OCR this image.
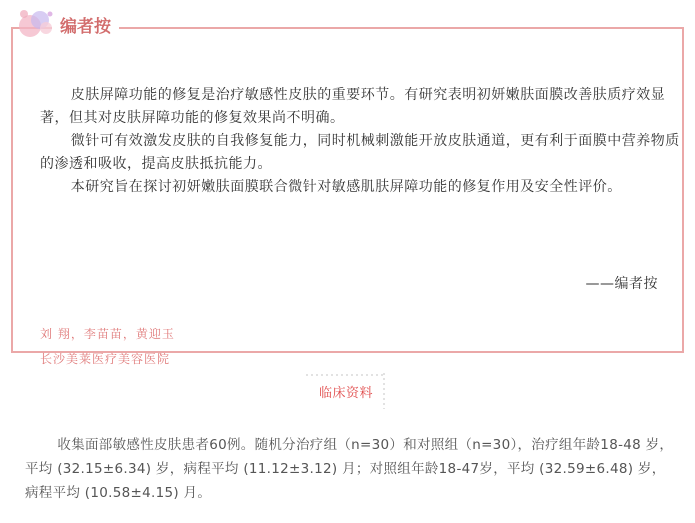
皮肤屏障功能的修复是治疗敏感性皮肤的重要环节。有研究表明初妍嫩肤面膜改善肤质疗效显著，但其对皮肤屏障功能的修复效果尚不明确。

微针可有效激发皮肤的自我修复能力，同时机械刺激能开放皮肤通道，更有利于面膜中营养物质的渗透和吸收，提高皮肤抵抗能力。

本研究旨在探讨初妍嫩肤面膜联合微针对敏感肌肤屏障功能的修复作用及安全性评价。

——编者按
刘 翔，李苗苗，黄迎玉
长沙美莱医疗美容医院
编者按
临床资料

收集面部敏感性皮肤患者60例。随机分治疗组（n=30）和对照组（n=30），治疗组年龄18-48 岁，平均 (32.15±6.34) 岁，病程平均 (11.12±3.12) 月；对照组年龄18-47岁，平均 (32.59±6.48) 岁，病程平均 (10.58±4.15) 月。
